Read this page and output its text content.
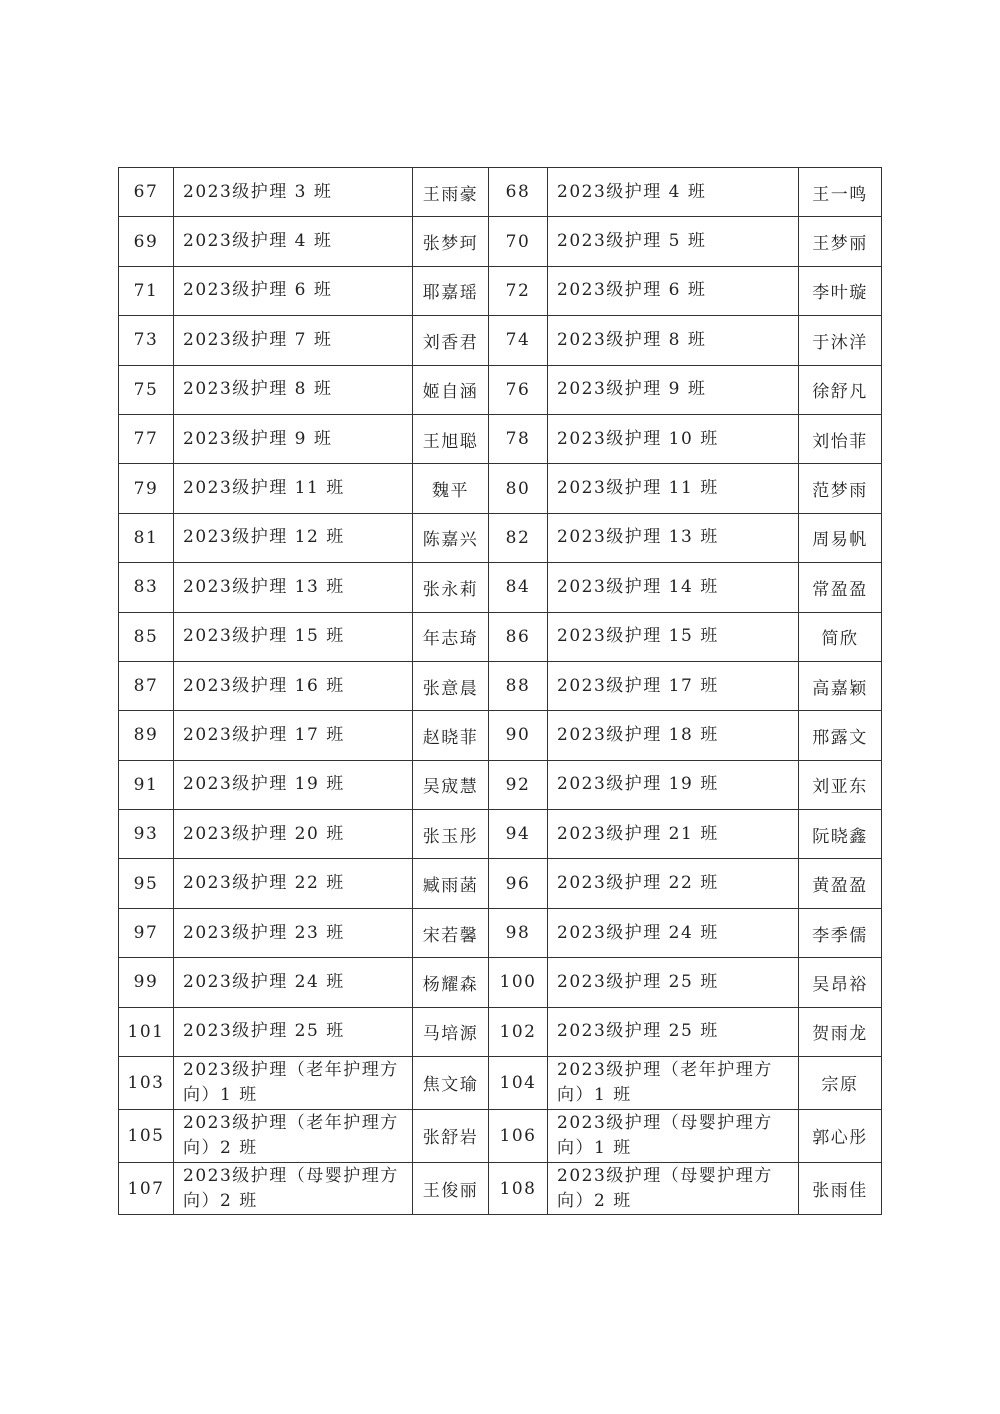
67	2023级护理 3 班	王雨豪	68	2023级护理 4 班	王一鸣
69	2023级护理 4 班	张梦珂	70	2023级护理 5 班	王梦丽
71	2023级护理 6 班	耶嘉瑶	72	2023级护理 6 班	李叶璇
73	2023级护理 7 班	刘香君	74	2023级护理 8 班	于沐洋
75	2023级护理 8 班	姬自涵	76	2023级护理 9 班	徐舒凡
77	2023级护理 9 班	王旭聪	78	2023级护理 10 班	刘怡菲
79	2023级护理 11 班	魏平	80	2023级护理 11 班	范梦雨
81	2023级护理 12 班	陈嘉兴	82	2023级护理 13 班	周易帆
83	2023级护理 13 班	张永莉	84	2023级护理 14 班	常盈盈
85	2023级护理 15 班	年志琦	86	2023级护理 15 班	简欣
87	2023级护理 16 班	张意晨	88	2023级护理 17 班	高嘉颖
89	2023级护理 17 班	赵晓菲	90	2023级护理 18 班	邢露文
91	2023级护理 19 班	吴宬慧	92	2023级护理 19 班	刘亚东
93	2023级护理 20 班	张玉彤	94	2023级护理 21 班	阮晓鑫
95	2023级护理 22 班	臧雨菡	96	2023级护理 22 班	黄盈盈
97	2023级护理 23 班	宋若馨	98	2023级护理 24 班	李季儒
99	2023级护理 24 班	杨耀森	100	2023级护理 25 班	吴昂裕
101	2023级护理 25 班	马培源	102	2023级护理 25 班	贺雨龙
103	2023级护理（老年护理方向）1 班	焦文瑜	104	2023级护理（老年护理方向）1 班	宗原
105	2023级护理（老年护理方向）2 班	张舒岩	106	2023级护理（母婴护理方向）1 班	郭心彤
107	2023级护理（母婴护理方向）2 班	王俊丽	108	2023级护理（母婴护理方向）2 班	张雨佳
